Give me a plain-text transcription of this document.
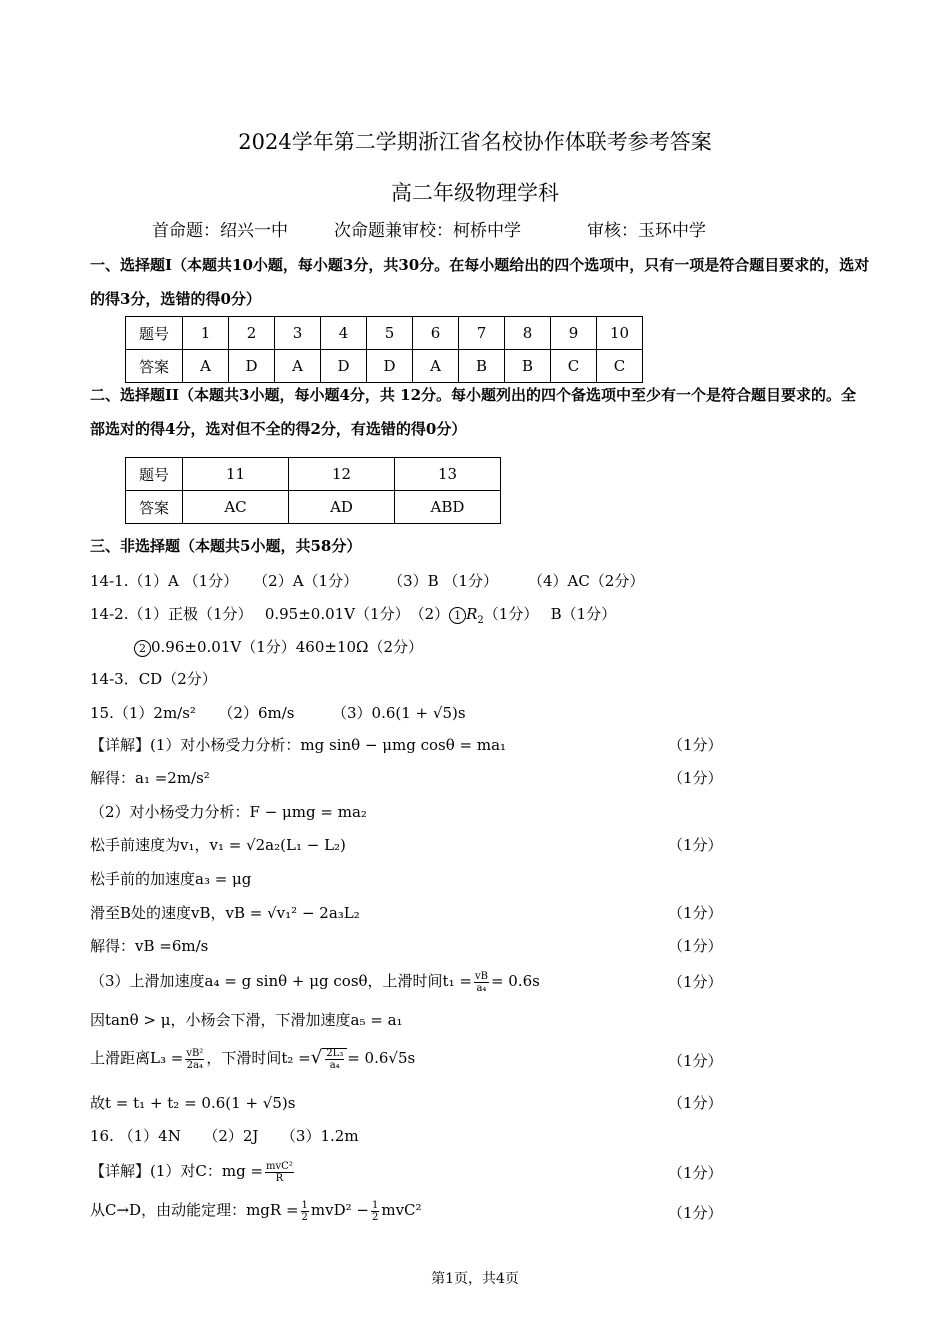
2024学年第二学期浙江省名校协作体联考参考答案
高二年级物理学科
首命题：绍兴一中	次命题兼审校：柯桥中学	审核：玉环中学
一、选择题I（本题共10小题，每小题3分，共30分。在每小题给出的四个选项中，只有一项是符合题目要求的，选对的得3分，选错的得0分）
题号	1	2	3	4	5	6	7	8	9	10
答案	A	D	A	D	D	A	B	B	C	C
二、选择题II（本题共3小题，每小题4分，共 12分。每小题列出的四个备选项中至少有一个是符合题目要求的。全部选对的得4分，选对但不全的得2分，有选错的得0分）
题号	11	12	13
答案	AC	AD	ABD
三、非选择题（本题共5小题，共58分）
14-1.（1）A （1分）　　（2）A（1分）　　　（3）B （1分）　　　（4）AC（2分）
14-2.（1）正极（1分）　 0.95±0.01V（1分）　（2） 1 $R_2(1$分）　 B（1分）
2 0.96±0.01V（1分）460±10Ω（2分）
14-3．CD（2分）
15.（1）2m/s²　　（2）6m/s　　　（3）0.6(1 + √5)s
【详解】(1）对小杨受力分析：mg sinθ − μmg cosθ = ma₁	（1分）
解得：a₁ =2m/s²	（1分）
（2）对小杨受力分析：F − μmg = ma₂
松手前速度为v₁，v₁ = √2a₂(L₁ − L₂)	（1分）
松手前的加速度a₃ = μg
滑至B处的速度vB，vB = √v₁² − 2a₃L₂	（1分）
解得：vB =6m/s	（1分）
（3）上滑加速度a₄ = g sinθ + μg cosθ，上滑时间$t_1 = \frac{vB}{\text{a₄}} = 0.6s$	（1分）
因tanθ > μ，小杨会下滑，下滑加速度a₅ = a₁
上滑距离$L_3 = \frac{\text{vB²}}{\text{2a₄}}$ ，下滑时间t₂ =√ $\frac{\text{2L₃}}{\text{a₄}} = 0.6√5s$	（1分）
故t = t₁ + t₂ = 0.6(1 + √5)s	（1分）
16. （1）4N　　（2）2J　　（3）1.2m
【详解】(1）对C：mg = $\frac{\text{mvC²}}{R}$	（1分）
从C→D，由动能定理：mgR = $\frac{1}{2} mvD^2 - \frac{1}{2} mvC^2$	（1分）
第1页，共4页
